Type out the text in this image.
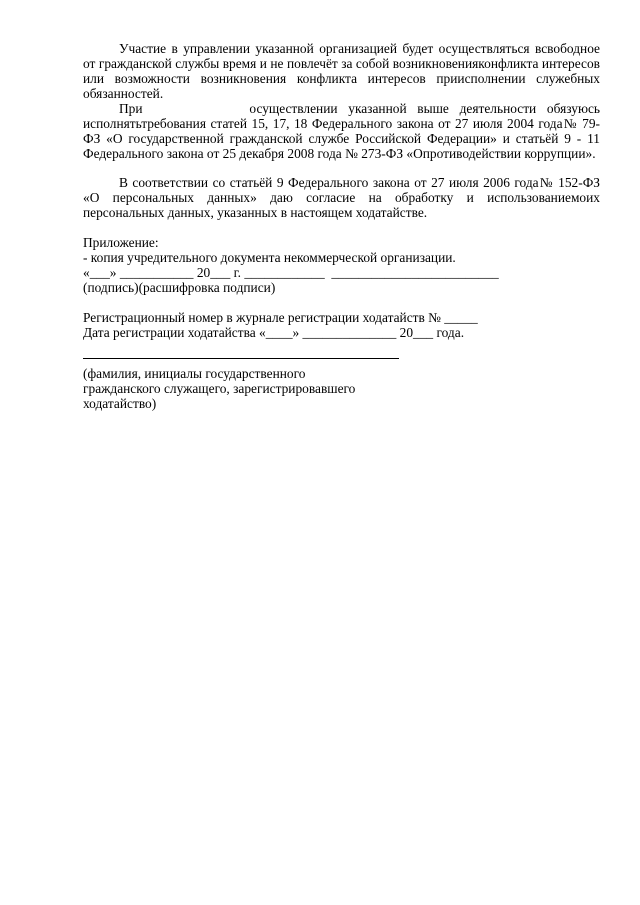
Участие в управлении указанной организацией будет осуществляться всвободное от гражданской службы время и не повлечёт за собой возникновенияконфликта интересов или возможности возникновения конфликта интересов приисполнении служебных обязанностей.

При          осуществлении указанной выше деятельности обязуюсь исполнятьтребования статей 15, 17, 18 Федерального закона от 27 июля 2004 года№ 79-ФЗ «О государственной гражданской службе Российской Федерации» и статьёй 9 - 11 Федерального закона от 25 декабря 2008 года № 273-ФЗ «Опротиводействии коррупции».

В соответствии со статьёй 9 Федерального закона от 27 июля 2006 года№ 152-ФЗ «О персональных данных» даю согласие на обработку и использованиемоих персональных данных, указанных в настоящем ходатайстве.

Приложение:

- копия учредительного документа некоммерческой организации.

«___» ___________ 20___ г. ____________  _________________________

(подпись)(расшифровка подписи)

Регистрационный номер в журнале регистрации ходатайств № _____

Дата регистрации ходатайства «____» ______________ 20___ года.

(фамилия, инициалы государственного

гражданского служащего, зарегистрировавшего

ходатайство)
